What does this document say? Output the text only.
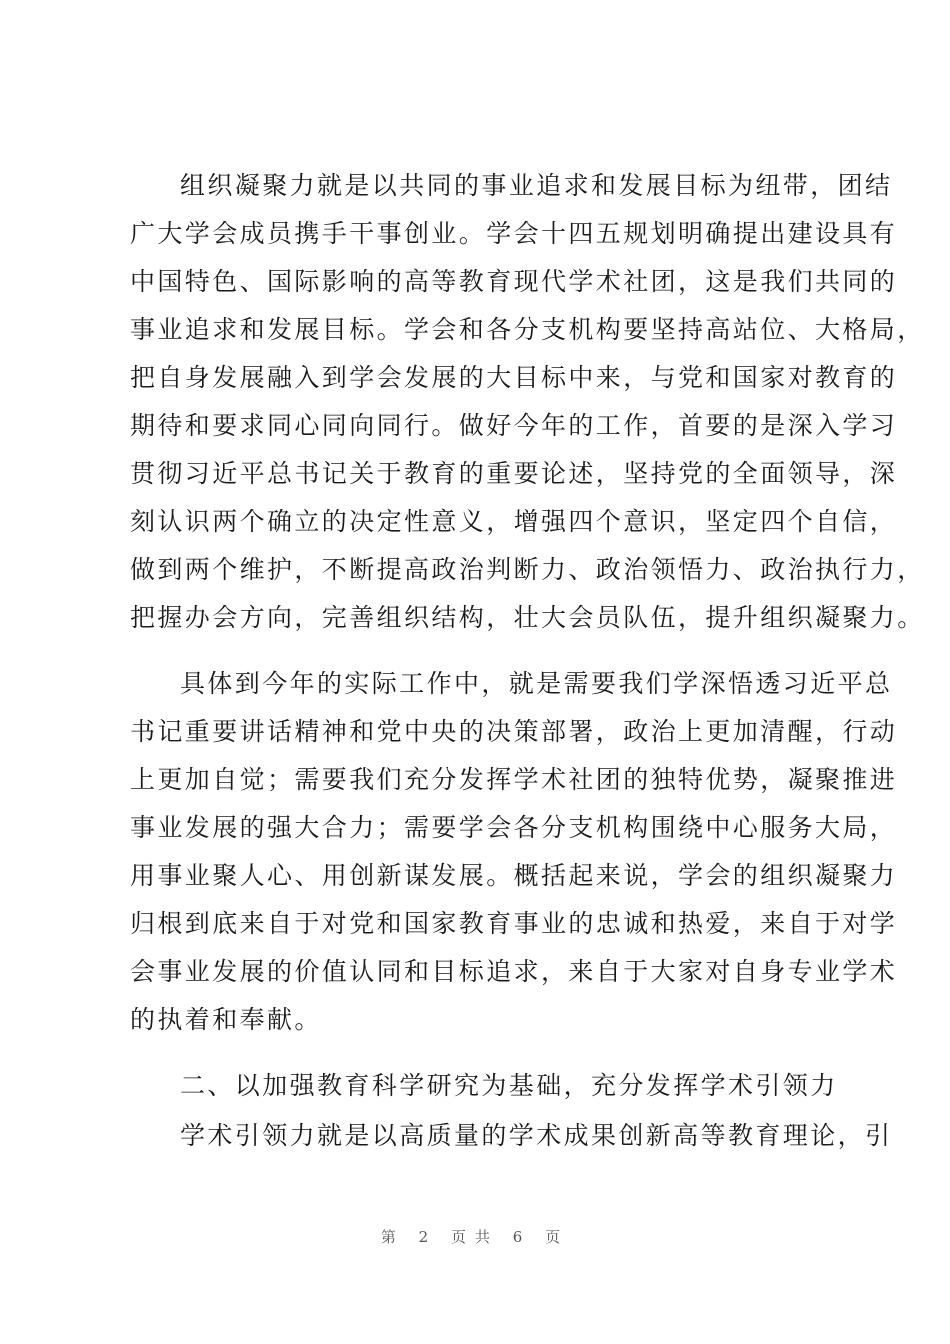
组织凝聚力就是以共同的事业追求和发展目标为纽带，团结
广大学会成员携手干事创业。学会十四五规划明确提出建设具有
中国特色、国际影响的高等教育现代学术社团，这是我们共同的
事业追求和发展目标。学会和各分支机构要坚持高站位、大格局，
把自身发展融入到学会发展的大目标中来，与党和国家对教育的
期待和要求同心同向同行。做好今年的工作，首要的是深入学习
贯彻习近平总书记关于教育的重要论述，坚持党的全面领导，深
刻认识两个确立的决定性意义，增强四个意识，坚定四个自信，
做到两个维护，不断提高政治判断力、政治领悟力、政治执行力，
把握办会方向，完善组织结构，壮大会员队伍，提升组织凝聚力。
具体到今年的实际工作中，就是需要我们学深悟透习近平总
书记重要讲话精神和党中央的决策部署，政治上更加清醒，行动
上更加自觉；需要我们充分发挥学术社团的独特优势，凝聚推进
事业发展的强大合力；需要学会各分支机构围绕中心服务大局，
用事业聚人心、用创新谋发展。概括起来说，学会的组织凝聚力
归根到底来自于对党和国家教育事业的忠诚和热爱，来自于对学
会事业发展的价值认同和目标追求，来自于大家对自身专业学术
的执着和奉献。
二、以加强教育科学研究为基础，充分发挥学术引领力
学术引领力就是以高质量的学术成果创新高等教育理论，引
第 2 页共 6 页
